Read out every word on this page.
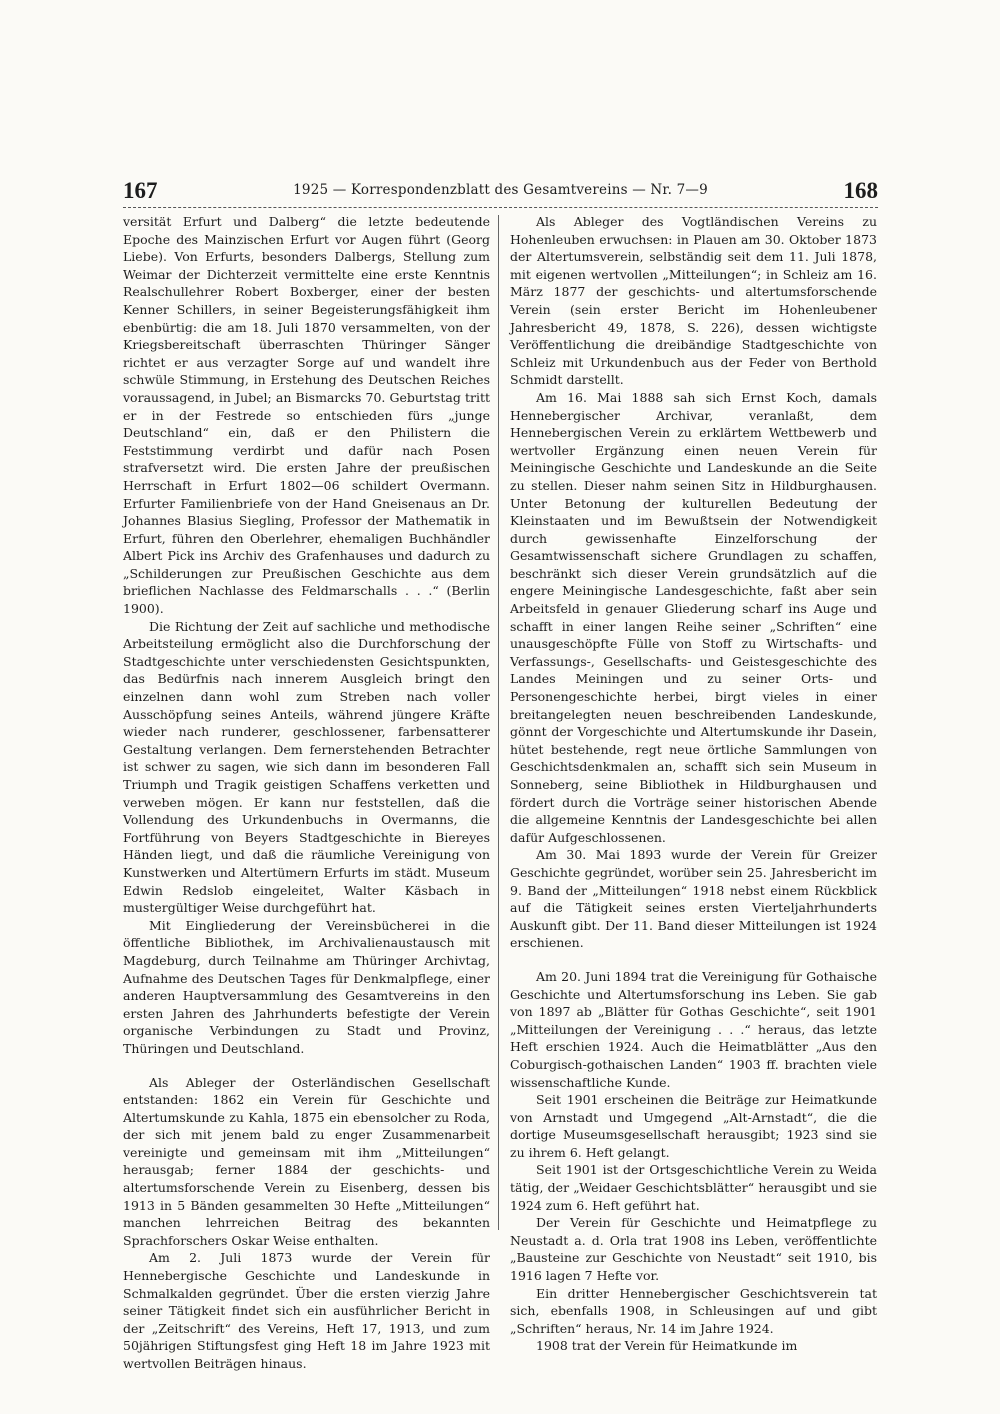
167	1925 — Korrespondenzblatt des Gesamtvereins — Nr. 7—9	168

versität Erfurt und Dalberg“ die letzte bedeutende Epoche des Mainzischen Erfurt vor Augen führt (Georg Liebe). Von Erfurts, besonders Dalbergs, Stellung zum Weimar der Dichterzeit vermittelte eine erste Kenntnis Realschullehrer Robert Boxberger, einer der besten Kenner Schillers, in seiner Begeisterungsfähigkeit ihm ebenbürtig: die am 18. Juli 1870 versammelten, von der Kriegsbereitschaft überraschten Thüringer Sänger richtet er aus verzagter Sorge auf und wandelt ihre schwüle Stimmung, in Erstehung des Deutschen Reiches voraussagend, in Jubel; an Bismarcks 70. Geburtstag tritt er in der Festrede so entschieden fürs „junge Deutschland“ ein, daß er den Philistern die Feststimmung verdirbt und dafür nach Posen strafversetzt wird. Die ersten Jahre der preußischen Herrschaft in Erfurt 1802—06 schildert Overmann. Erfurter Familienbriefe von der Hand Gneisenaus an Dr. Johannes Blasius Siegling, Professor der Mathematik in Erfurt, führen den Oberlehrer, ehemaligen Buchhändler Albert Pick ins Archiv des Grafenhauses und dadurch zu „Schilderungen zur Preußischen Geschichte aus dem brieflichen Nachlasse des Feldmarschalls . . .“ (Berlin 1900).

Die Richtung der Zeit auf sachliche und methodische Arbeitsteilung ermöglicht also die Durchforschung der Stadtgeschichte unter verschiedensten Gesichtspunkten, das Bedürfnis nach innerem Ausgleich bringt den einzelnen dann wohl zum Streben nach voller Ausschöpfung seines Anteils, während jüngere Kräfte wieder nach runderer, geschlossener, farbensatterer Gestaltung verlangen. Dem fernerstehenden Betrachter ist schwer zu sagen, wie sich dann im besonderen Fall Triumph und Tragik geistigen Schaffens verketten und verweben mögen. Er kann nur feststellen, daß die Vollendung des Urkundenbuchs in Overmanns, die Fortführung von Beyers Stadtgeschichte in Biereyes Händen liegt, und daß die räumliche Vereinigung von Kunstwerken und Altertümern Erfurts im städt. Museum Edwin Redslob eingeleitet, Walter Käsbach in mustergültiger Weise durchgeführt hat.

Mit Eingliederung der Vereinsbücherei in die öffentliche Bibliothek, im Archivalienaustausch mit Magdeburg, durch Teilnahme am Thüringer Archivtag, Aufnahme des Deutschen Tages für Denkmalpflege, einer anderen Hauptversammlung des Gesamtvereins in den ersten Jahren des Jahrhunderts befestigte der Verein organische Verbindungen zu Stadt und Provinz, Thüringen und Deutschland.

Als Ableger der Osterländischen Gesellschaft entstanden: 1862 ein Verein für Geschichte und Altertumskunde zu Kahla, 1875 ein ebensolcher zu Roda, der sich mit jenem bald zu enger Zusammenarbeit vereinigte und gemeinsam mit ihm „Mitteilungen“ herausgab; ferner 1884 der geschichts- und altertumsforschende Verein zu Eisenberg, dessen bis 1913 in 5 Bänden gesammelten 30 Hefte „Mitteilungen“ manchen lehrreichen Beitrag des bekannten Sprachforschers Oskar Weise enthalten.

Am 2. Juli 1873 wurde der Verein für Hennebergische Geschichte und Landeskunde in Schmalkalden gegründet. Über die ersten vierzig Jahre seiner Tätigkeit findet sich ein ausführlicher Bericht in der „Zeitschrift“ des Vereins, Heft 17, 1913, und zum 50jährigen Stiftungsfest ging Heft 18 im Jahre 1923 mit wertvollen Beiträgen hinaus.

Als Ableger des Vogtländischen Vereins zu Hohenleuben erwuchsen: in Plauen am 30. Oktober 1873 der Altertumsverein, selbständig seit dem 11. Juli 1878, mit eigenen wertvollen „Mitteilungen“; in Schleiz am 16. März 1877 der geschichts- und altertumsforschende Verein (sein erster Bericht im Hohenleubener Jahresbericht 49, 1878, S. 226), dessen wichtigste Veröffentlichung die dreibändige Stadtgeschichte von Schleiz mit Urkundenbuch aus der Feder von Berthold Schmidt darstellt.

Am 16. Mai 1888 sah sich Ernst Koch, damals Hennebergischer Archivar, veranlaßt, dem Hennebergischen Verein zu erklärtem Wettbewerb und wertvoller Ergänzung einen neuen Verein für Meiningische Geschichte und Landeskunde an die Seite zu stellen. Dieser nahm seinen Sitz in Hildburghausen. Unter Betonung der kulturellen Bedeutung der Kleinstaaten und im Bewußtsein der Notwendigkeit durch gewissenhafte Einzelforschung der Gesamtwissenschaft sichere Grundlagen zu schaffen, beschränkt sich dieser Verein grundsätzlich auf die engere Meiningische Landesgeschichte, faßt aber sein Arbeitsfeld in genauer Gliederung scharf ins Auge und schafft in einer langen Reihe seiner „Schriften“ eine unausgeschöpfte Fülle von Stoff zu Wirtschafts- und Verfassungs-, Gesellschafts- und Geistesgeschichte des Landes Meiningen und zu seiner Orts- und Personengeschichte herbei, birgt vieles in einer breitangelegten neuen beschreibenden Landeskunde, gönnt der Vorgeschichte und Altertumskunde ihr Dasein, hütet bestehende, regt neue örtliche Sammlungen von Geschichtsdenkmalen an, schafft sich sein Museum in Sonneberg, seine Bibliothek in Hildburghausen und fördert durch die Vorträge seiner historischen Abende die allgemeine Kenntnis der Landesgeschichte bei allen dafür Aufgeschlossenen.

Am 30. Mai 1893 wurde der Verein für Greizer Geschichte gegründet, worüber sein 25. Jahresbericht im 9. Band der „Mitteilungen“ 1918 nebst einem Rückblick auf die Tätigkeit seines ersten Vierteljahrhunderts Auskunft gibt. Der 11. Band dieser Mitteilungen ist 1924 erschienen.

Am 20. Juni 1894 trat die Vereinigung für Gothaische Geschichte und Altertumsforschung ins Leben. Sie gab von 1897 ab „Blätter für Gothas Geschichte“, seit 1901 „Mitteilungen der Vereinigung . . .“ heraus, das letzte Heft erschien 1924. Auch die Heimatblätter „Aus den Coburgisch-gothaischen Landen“ 1903 ff. brachten viele wissenschaftliche Kunde.

Seit 1901 erscheinen die Beiträge zur Heimatkunde von Arnstadt und Umgegend „Alt-Arnstadt“, die die dortige Museumsgesellschaft herausgibt; 1923 sind sie zu ihrem 6. Heft gelangt.

Seit 1901 ist der Ortsgeschichtliche Verein zu Weida tätig, der „Weidaer Geschichtsblätter“ herausgibt und sie 1924 zum 6. Heft geführt hat.

Der Verein für Geschichte und Heimatpflege zu Neustadt a. d. Orla trat 1908 ins Leben, veröffentlichte „Bausteine zur Geschichte von Neustadt“ seit 1910, bis 1916 lagen 7 Hefte vor.

Ein dritter Hennebergischer Geschichtsverein tat sich, ebenfalls 1908, in Schleusingen auf und gibt „Schriften“ heraus, Nr. 14 im Jahre 1924.

1908 trat der Verein für Heimatkunde im
